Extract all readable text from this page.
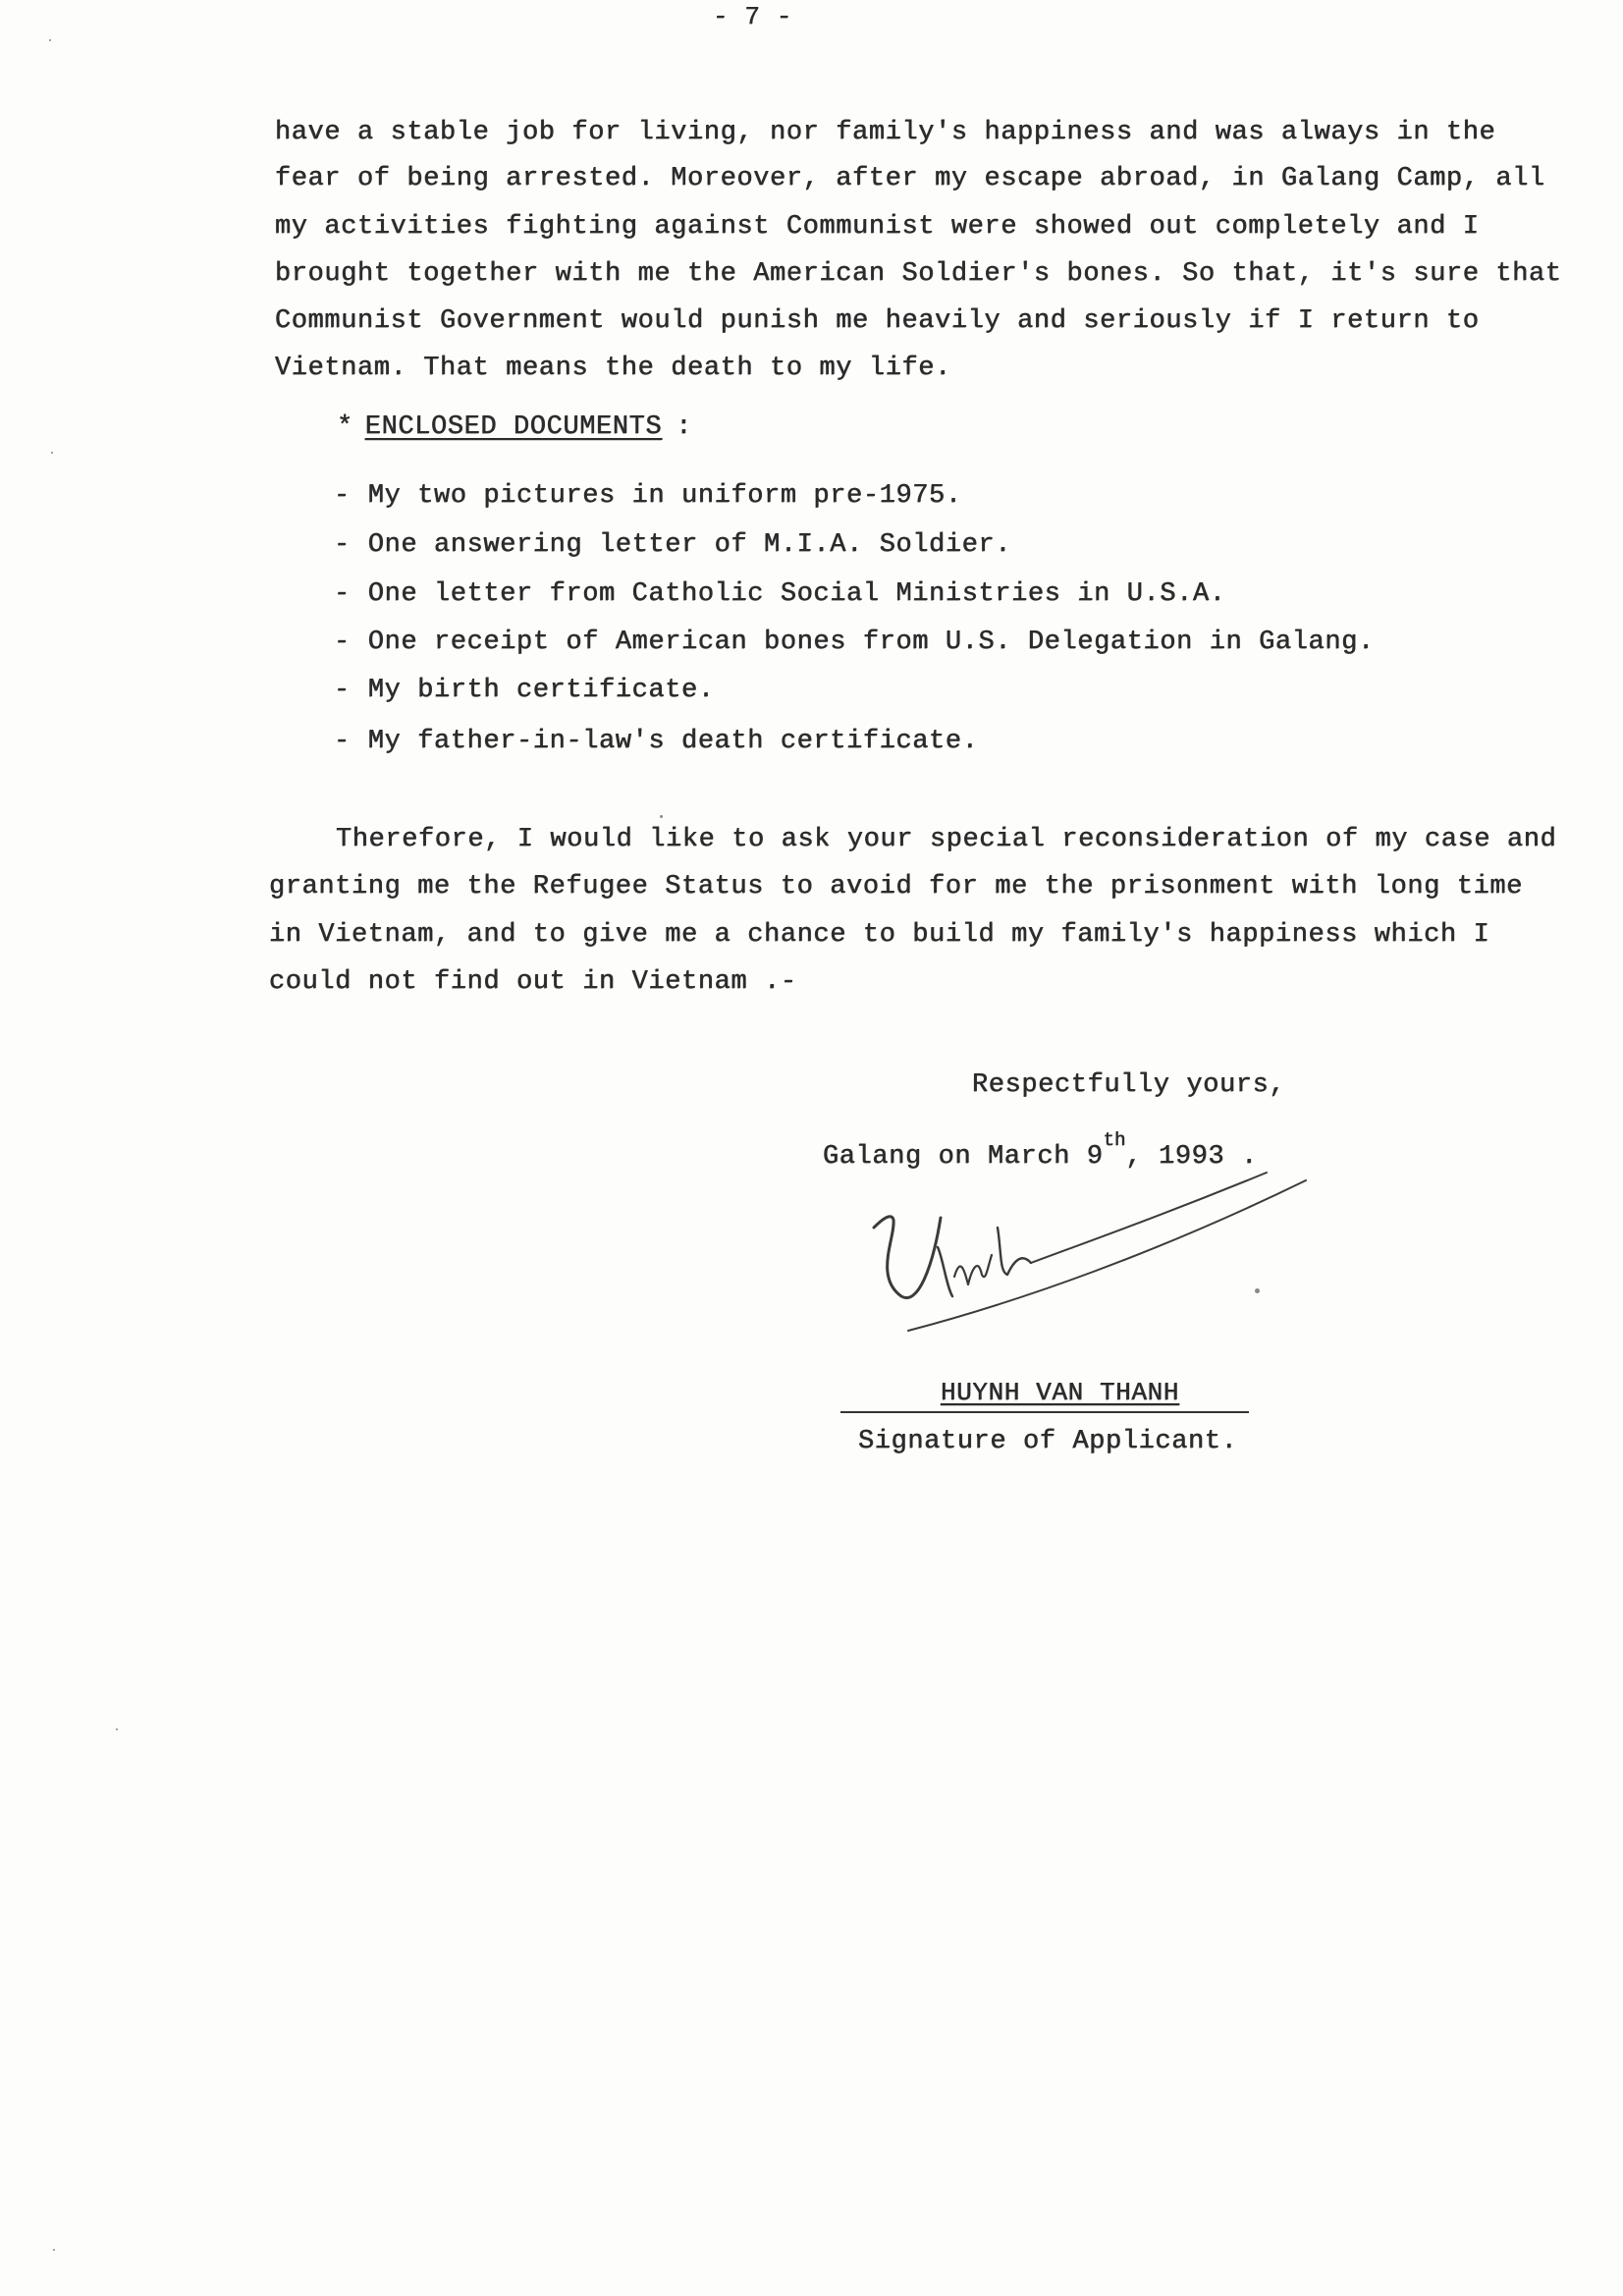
- 7 -
have a stable job for living, nor family's happiness and was always in the
fear of being arrested. Moreover, after my escape abroad, in Galang Camp, all
my activities fighting against Communist were showed out completely and I
brought together with me the American Soldier's bones. So that, it's sure that
Communist Government would punish me heavily and seriously if I return to
Vietnam. That means the death to my life.
* ENCLOSED DOCUMENTS :
- My two pictures in uniform pre-1975.
- One answering letter of M.I.A. Soldier.
- One letter from Catholic Social Ministries in U.S.A.
- One receipt of American bones from U.S. Delegation in Galang.
- My birth certificate.
- My father-in-law's death certificate.
Therefore, I would like to ask your special reconsideration of my case and
granting me the Refugee Status to avoid for me the prisonment with long time
in Vietnam, and to give me a chance to build my family's happiness which I
could not find out in Vietnam .-
Respectfully yours,
Galang on March 9th, 1993 .
HUYNH VAN THANH
Signature of Applicant.
